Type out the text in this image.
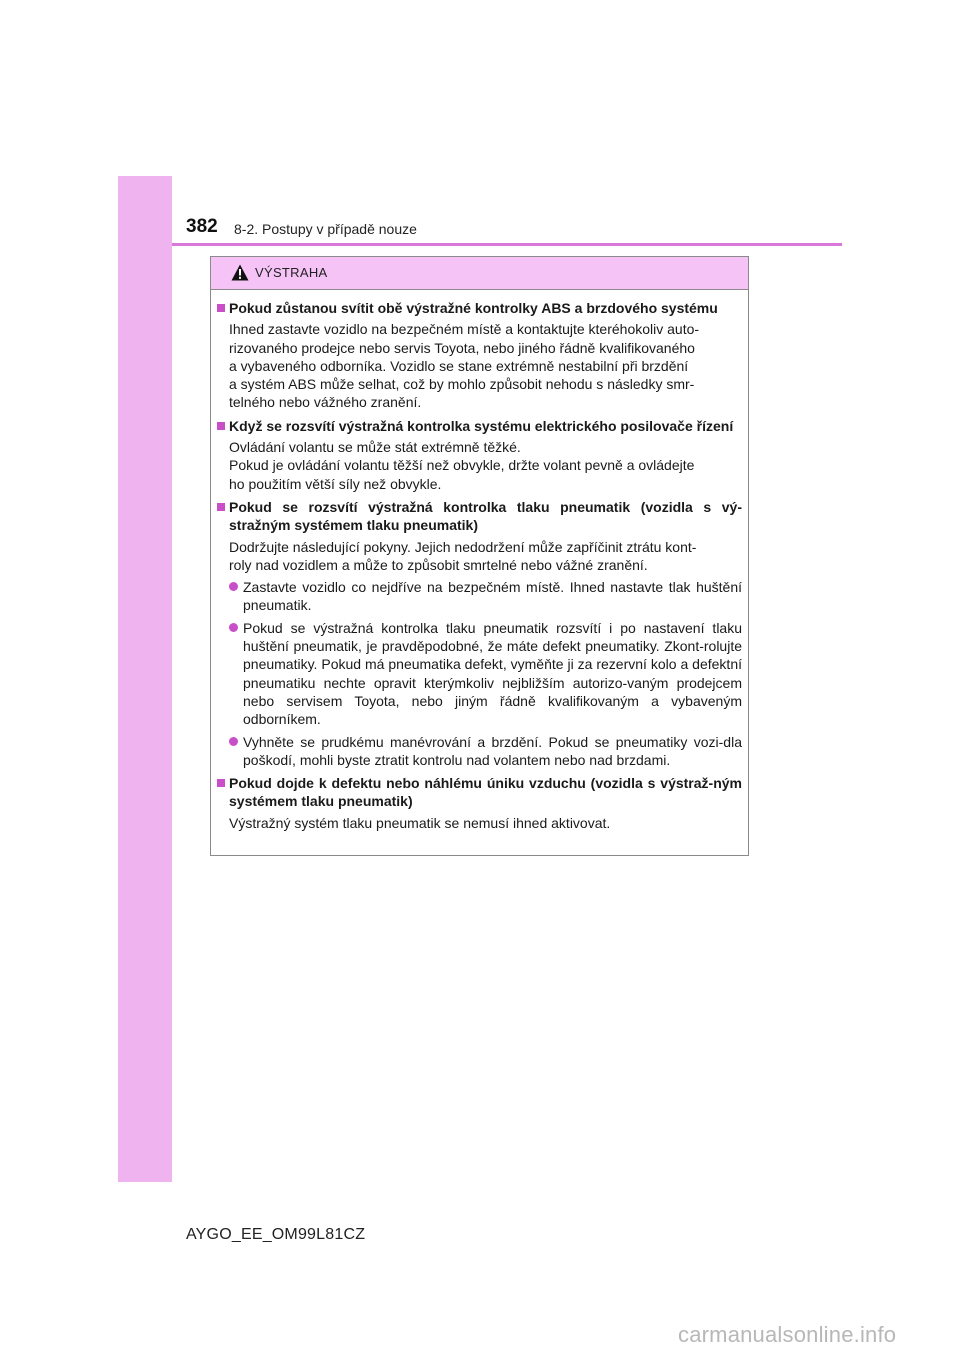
382 8-2. Postupy v případě nouze
VÝSTRAHA
Pokud zůstanou svítit obě výstražné kontrolky ABS a brzdového systému
Ihned zastavte vozidlo na bezpečném místě a kontaktujte kteréhokoliv auto-
rizovaného prodejce nebo servis Toyota, nebo jiného řádně kvalifikovaného
a vybaveného odborníka. Vozidlo se stane extrémně nestabilní při brzdění
a systém ABS může selhat, což by mohlo způsobit nehodu s následky smr-
telného nebo vážného zranění.
Když se rozsvítí výstražná kontrolka systému elektrického posilovače řízení
Ovládání volantu se může stát extrémně těžké.
Pokud je ovládání volantu těžší než obvykle, držte volant pevně a ovládejte
ho použitím větší síly než obvykle.
Pokud se rozsvítí výstražná kontrolka tlaku pneumatik (vozidla s vý-stražným systémem tlaku pneumatik)
Dodržujte následující pokyny. Jejich nedodržení může zapříčinit ztrátu kont-
roly nad vozidlem a může to způsobit smrtelné nebo vážné zranění.
Zastavte vozidlo co nejdříve na bezpečném místě. Ihned nastavte tlak huštění pneumatik.
Pokud se výstražná kontrolka tlaku pneumatik rozsvítí i po nastavení tlaku huštění pneumatik, je pravděpodobné, že máte defekt pneumatiky. Zkont-rolujte pneumatiky. Pokud má pneumatika defekt, vyměňte ji za rezervní kolo a defektní pneumatiku nechte opravit kterýmkoliv nejbližším autorizo-vaným prodejcem nebo servisem Toyota, nebo jiným řádně kvalifikovaným a vybaveným odborníkem.
Vyhněte se prudkému manévrování a brzdění. Pokud se pneumatiky vozi-dla poškodí, mohli byste ztratit kontrolu nad volantem nebo nad brzdami.
Pokud dojde k defektu nebo náhlému úniku vzduchu (vozidla s výstraž-ným systémem tlaku pneumatik)
Výstražný systém tlaku pneumatik se nemusí ihned aktivovat.
AYGO_EE_OM99L81CZ
carmanualsonline.info
